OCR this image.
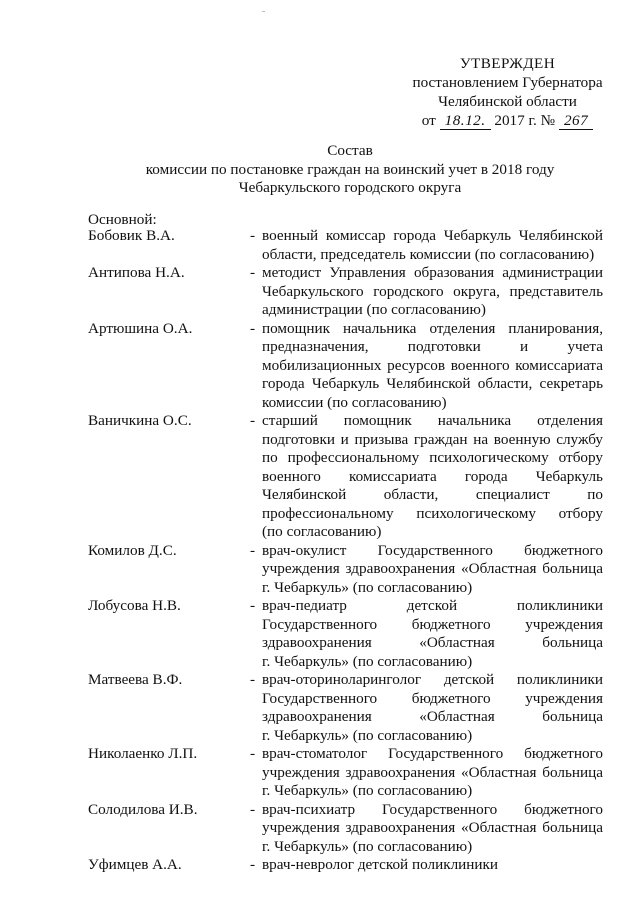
УТВЕРЖДЕН
постановлением Губернатора
Челябинской области
от 18.12. 2017 г. № 267
Состав
комиссии по постановке граждан на воинский учет в 2018 году
Чебаркульского городского округа
Основной:
Бобовик В.А.	- военный комиссар города Чебаркуль Челябинской
области, председатель комиссии (по согласованию)
Антипова Н.А.	- методист Управления образования администрации
Чебаркульского городского округа, представитель
администрации (по согласованию)
Артюшина О.А.	- помощник начальника отделения планирования,
предназначения, подготовки и учета
мобилизационных ресурсов военного комиссариата
города Чебаркуль Челябинской области, секретарь
комиссии (по согласованию)
Ваничкина О.С.	- старший помощник начальника отделения
подготовки и призыва граждан на военную службу
по профессиональному психологическому отбору
военного комиссариата города Чебаркуль
Челябинской области, специалист по
профессиональному психологическому отбору
(по согласованию)
Комилов Д.С.	- врач-окулист Государственного бюджетного
учреждения здравоохранения «Областная больница
г. Чебаркуль» (по согласованию)
Лобусова Н.В.	- врач-педиатр детской поликлиники
Государственного бюджетного учреждения
здравоохранения «Областная больница
г. Чебаркуль» (по согласованию)
Матвеева В.Ф.	- врач-оториноларинголог детской поликлиники
Государственного бюджетного учреждения
здравоохранения «Областная больница
г. Чебаркуль» (по согласованию)
Николаенко Л.П.	- врач-стоматолог Государственного бюджетного
учреждения здравоохранения «Областная больница
г. Чебаркуль» (по согласованию)
Солодилова И.В.	- врач-психиатр Государственного бюджетного
учреждения здравоохранения «Областная больница
г. Чебаркуль» (по согласованию)
Уфимцев А.А.	- врач-невролог детской поликлиники
